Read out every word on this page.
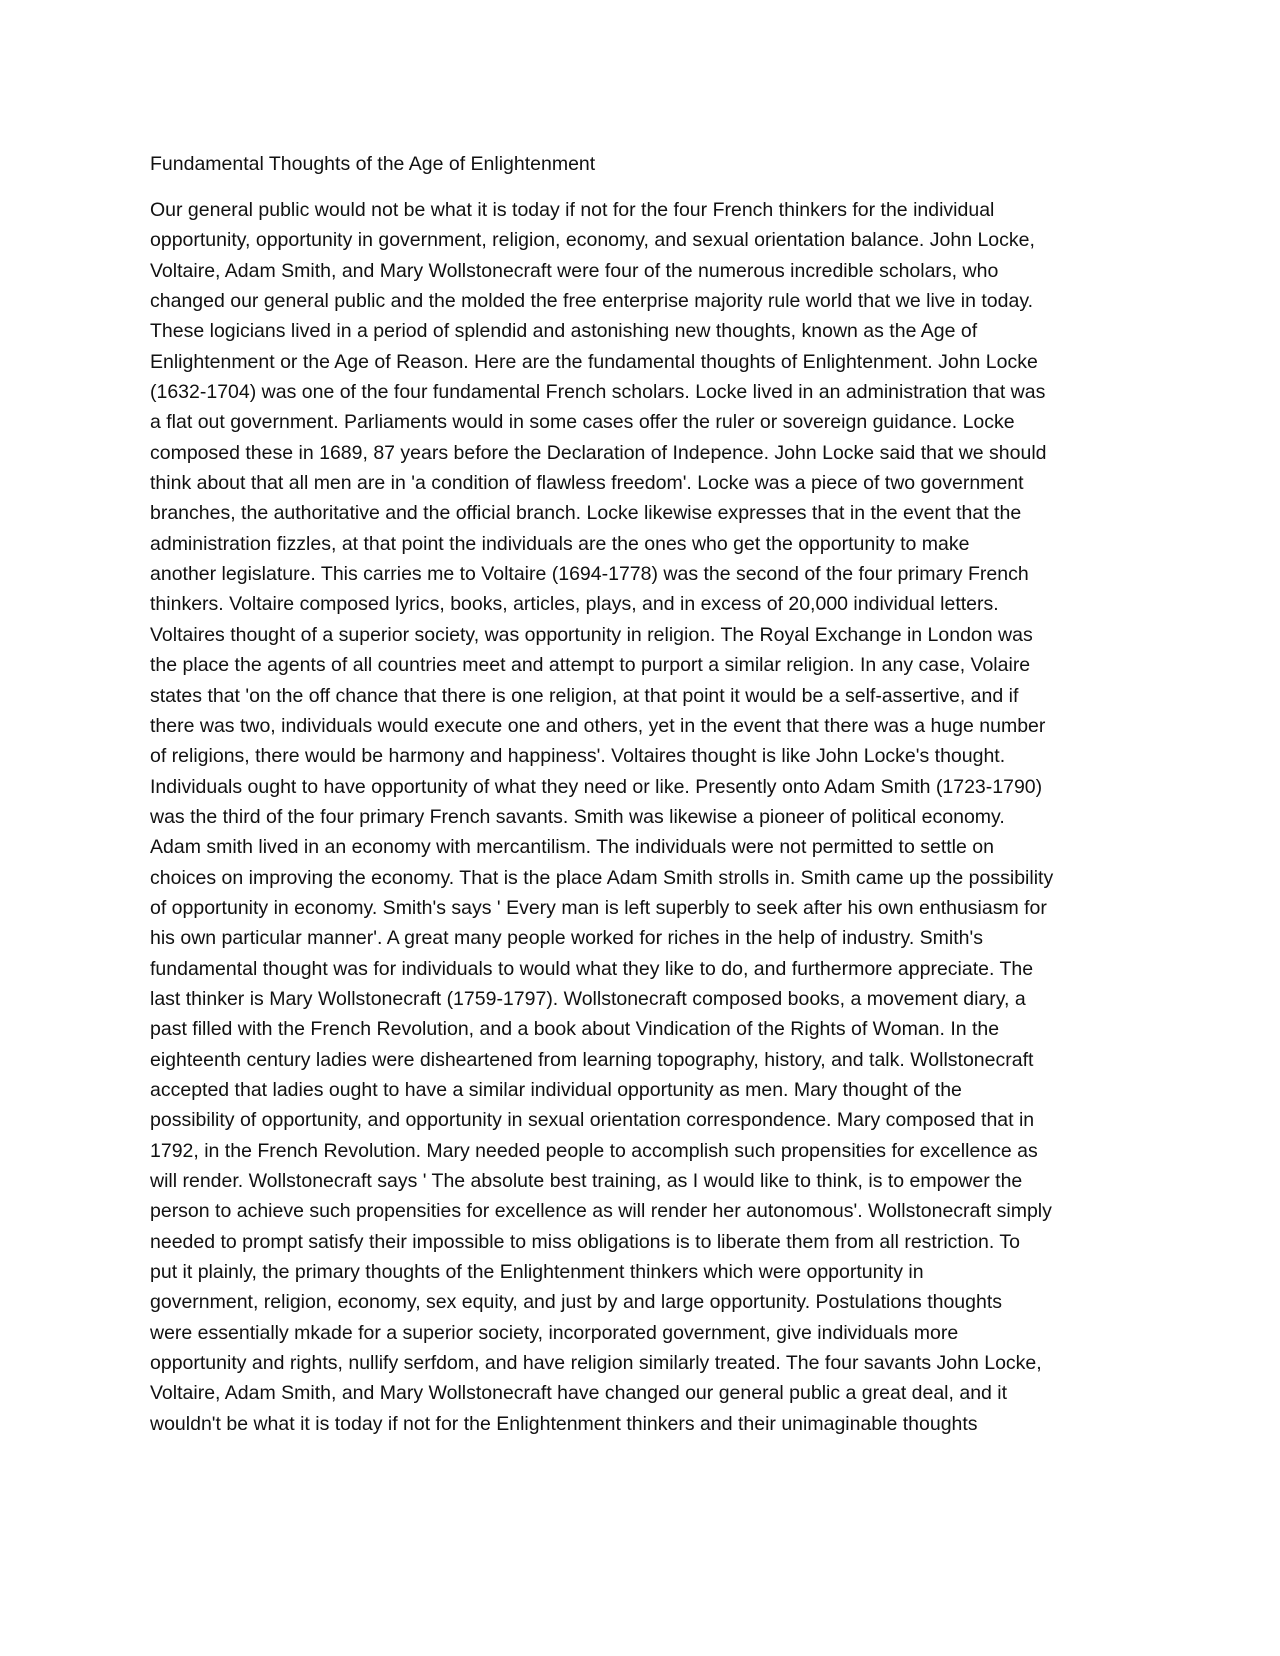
Fundamental Thoughts of the Age of Enlightenment

Our general public would not be what it is today if not for the four French thinkers for the individual
opportunity, opportunity in government, religion, economy, and sexual orientation balance. John Locke,
Voltaire, Adam Smith, and Mary Wollstonecraft were four of the numerous incredible scholars, who
changed our general public and the molded the free enterprise majority rule world that we live in today.
These logicians lived in a period of splendid and astonishing new thoughts, known as the Age of
Enlightenment or the Age of Reason. Here are the fundamental thoughts of Enlightenment. John Locke
(1632-1704) was one of the four fundamental French scholars. Locke lived in an administration that was
a flat out government. Parliaments would in some cases offer the ruler or sovereign guidance. Locke
composed these in 1689, 87 years before the Declaration of Indepence. John Locke said that we should
think about that all men are in 'a condition of flawless freedom'. Locke was a piece of two government
branches, the authoritative and the official branch. Locke likewise expresses that in the event that the
administration fizzles, at that point the individuals are the ones who get the opportunity to make
another legislature. This carries me to Voltaire (1694-1778) was the second of the four primary French
thinkers. Voltaire composed lyrics, books, articles, plays, and in excess of 20,000 individual letters.
Voltaires thought of a superior society, was opportunity in religion. The Royal Exchange in London was
the place the agents of all countries meet and attempt to purport a similar religion. In any case, Volaire
states that 'on the off chance that there is one religion, at that point it would be a self-assertive, and if
there was two, individuals would execute one and others, yet in the event that there was a huge number
of religions, there would be harmony and happiness'. Voltaires thought is like John Locke's thought.
Individuals ought to have opportunity of what they need or like. Presently onto Adam Smith (1723-1790)
was the third of the four primary French savants. Smith was likewise a pioneer of political economy.
Adam smith lived in an economy with mercantilism. The individuals were not permitted to settle on
choices on improving the economy. That is the place Adam Smith strolls in. Smith came up the possibility
of opportunity in economy. Smith's says ' Every man is left superbly to seek after his own enthusiasm for
his own particular manner'. A great many people worked for riches in the help of industry. Smith's
fundamental thought was for individuals to would what they like to do, and furthermore appreciate. The
last thinker is Mary Wollstonecraft (1759-1797). Wollstonecraft composed books, a movement diary, a
past filled with the French Revolution, and a book about Vindication of the Rights of Woman. In the
eighteenth century ladies were disheartened from learning topography, history, and talk. Wollstonecraft
accepted that ladies ought to have a similar individual opportunity as men. Mary thought of the
possibility of opportunity, and opportunity in sexual orientation correspondence. Mary composed that in
1792, in the French Revolution. Mary needed people to accomplish such propensities for excellence as
will render. Wollstonecraft says ' The absolute best training, as I would like to think, is to empower the
person to achieve such propensities for excellence as will render her autonomous'. Wollstonecraft simply
needed to prompt satisfy their impossible to miss obligations is to liberate them from all restriction. To
put it plainly, the primary thoughts of the Enlightenment thinkers which were opportunity in
government, religion, economy, sex equity, and just by and large opportunity. Postulations thoughts
were essentially mkade for a superior society, incorporated government, give individuals more
opportunity and rights, nullify serfdom, and have religion similarly treated. The four savants John Locke,
Voltaire, Adam Smith, and Mary Wollstonecraft have changed our general public a great deal, and it
wouldn't be what it is today if not for the Enlightenment thinkers and their unimaginable thoughts
